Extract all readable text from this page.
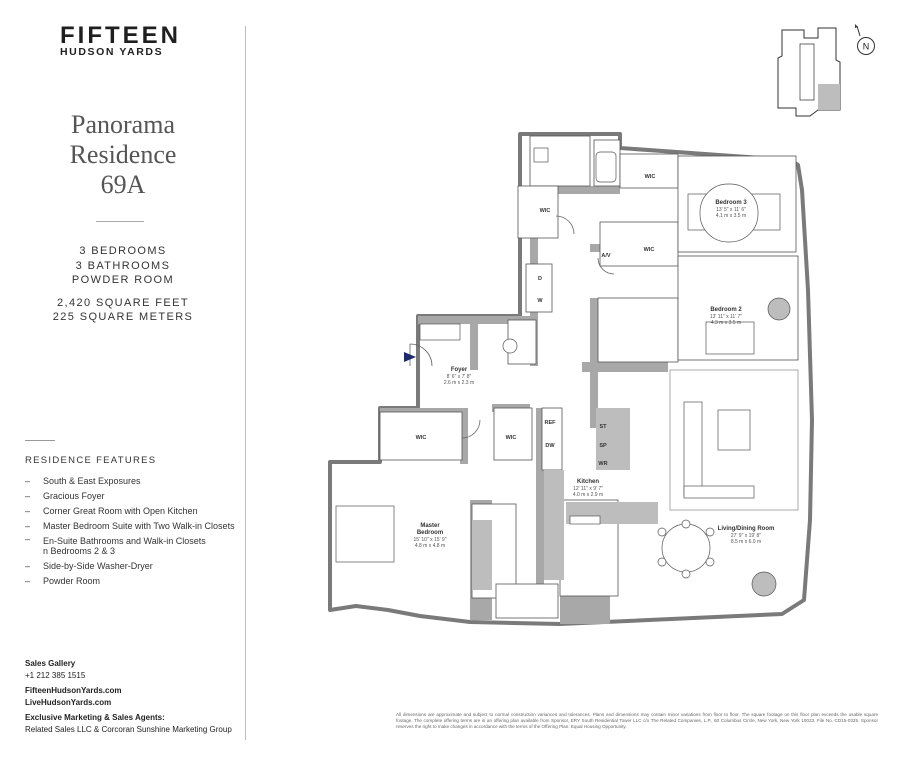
FIFTEEN
HUDSON YARDS
Panorama
Residence
69A
3 BEDROOMS
3 BATHROOMS
POWDER ROOM
2,420 SQUARE FEET
225 SQUARE METERS
RESIDENCE FEATURES
– South & East Exposures
– Gracious Foyer
– Corner Great Room with Open Kitchen
– Master Bedroom Suite with Two Walk-in Closets
– En-Suite Bathrooms and Walk-in Closets
n Bedrooms 2 & 3
– Side-by-Side Washer-Dryer
– Powder Room
Sales Gallery
+1 212 385 1515
FifteenHudsonYards.com
LiveHudsonYards.com
Exclusive Marketing & Sales Agents:
Related Sales LLC & Corcoran Sunshine Marketing Group
N
Bedroom 3
13' 5" x 11' 6"
4.1 m x 3.5 m
Bedroom 2
13' 11" x 11' 7"
4.3 m x 3.5 m
Foyer
8' 6" x 7' 8"
2.6 m x 2.3 m
Kitchen
12' 11" x 9' 7"
4.0 m x 2.9 m
Living/Dining Room
27' 9" x 19' 8"
8.5 m x 6.0 m
Master
Bedroom
15' 10" x 15' 9"
4.8 m x 4.8 m
WIC
WIC
WIC
WIC	WIC
D
W
A/V
REF
DW
ST
SP
WR
All dimensions are approximate and subject to normal construction variances and tolerances. Plans and dimensions may contain minor variations from floor to floor. The square footage on this floor plan exceeds the usable square footage. The complete offering terms are in an offering plan available from Sponsor, ERY South Residential Tower LLC c/o The Related Companies, L.P., 60 Columbus Circle, New York, New York 10023. File No. CD15-0325. Sponsor reserves the right to make changes in accordance with the terms of the Offering Plan. Equal Housing Opportunity.
